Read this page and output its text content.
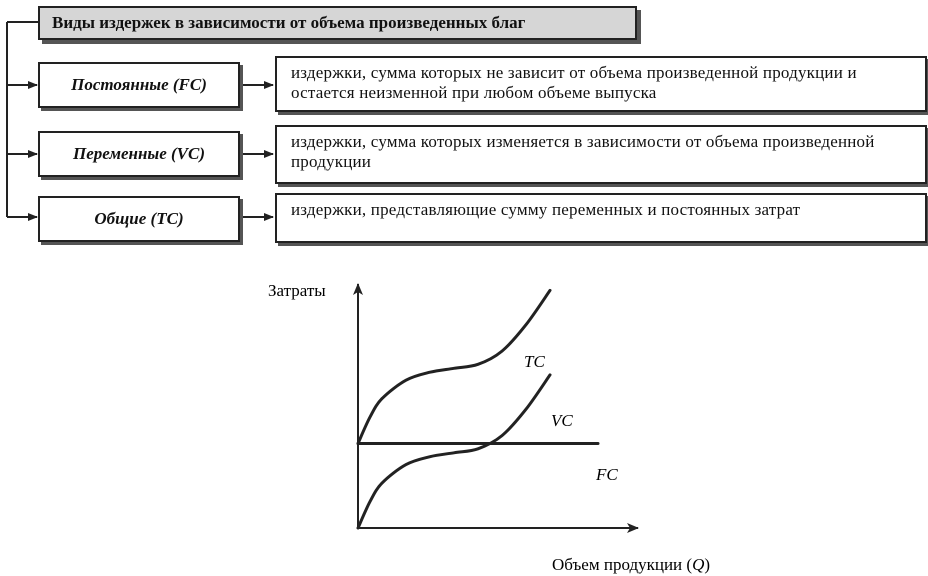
Виды издержек в зависимости от объема произведенных благ
Постоянные (FC)
Переменные (VC)
Общие (TC)
издержки, сумма которых не зависит от объема произведенной продукции и остается неизменной при любом объеме выпуска
издержки, сумма которых изменяется в зависимости от объема произведенной продукции
издержки, представляющие сумму переменных и постоянных затрат
Затраты
Объем продукции (Q)
FC
VC
TC
